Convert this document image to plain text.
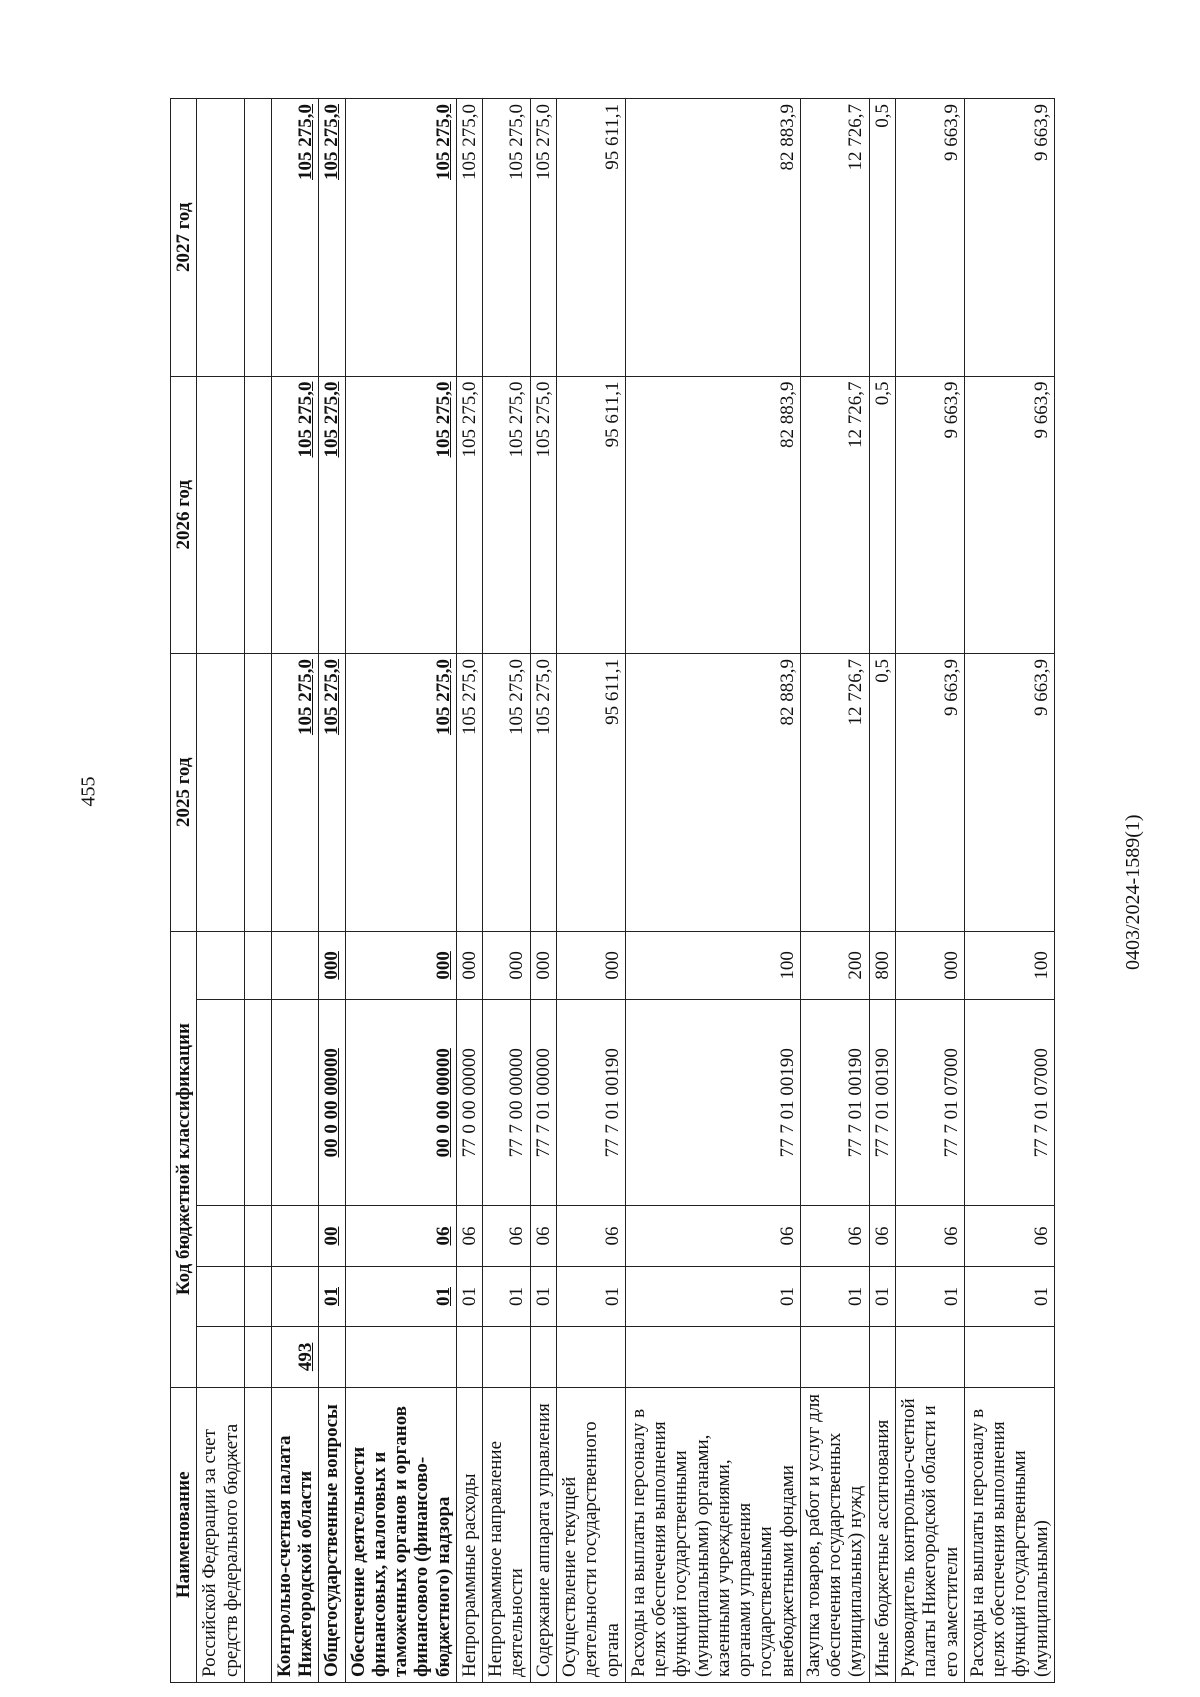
455
Наименование	Код бюджетной классификации					2025 год	2026 год	2027 год
Российской Федерации за счет средств федерального бюджета								

Контрольно-счетная палата Нижегородской области	493					105 275,0	105 275,0	105 275,0
Общегосударственные вопросы		01	00	00 0 00 00000	000	105 275,0	105 275,0	105 275,0
Обеспечение деятельности финансовых, налоговых и таможенных органов и органов финансового (финансово-бюджетного) надзора		01	06	00 0 00 00000	000	105 275,0	105 275,0	105 275,0
Непрограммные расходы		01	06	77 0 00 00000	000	105 275,0	105 275,0	105 275,0
Непрограммное направление деятельности		01	06	77 7 00 00000	000	105 275,0	105 275,0	105 275,0
Содержание аппарата управления		01	06	77 7 01 00000	000	105 275,0	105 275,0	105 275,0
Осуществление текущей деятельности государственного органа		01	06	77 7 01 00190	000	95 611,1	95 611,1	95 611,1
Расходы на выплаты персоналу в целях обеспечения выполнения функций государственными (муниципальными) органами, казенными учреждениями, органами управления государственными внебюджетными фондами		01	06	77 7 01 00190	100	82 883,9	82 883,9	82 883,9
Закупка товаров, работ и услуг для обеспечения государственных (муниципальных) нужд		01	06	77 7 01 00190	200	12 726,7	12 726,7	12 726,7
Иные бюджетные ассигнования		01	06	77 7 01 00190	800	0,5	0,5	0,5
Руководитель контрольно-счетной палаты Нижегородской области и его заместители		01	06	77 7 01 07000	000	9 663,9	9 663,9	9 663,9
Расходы на выплаты персоналу в целях обеспечения выполнения функций государственными (муниципальными)		01	06	77 7 01 07000	100	9 663,9	9 663,9	9 663,9
0403/2024-1589(1)
